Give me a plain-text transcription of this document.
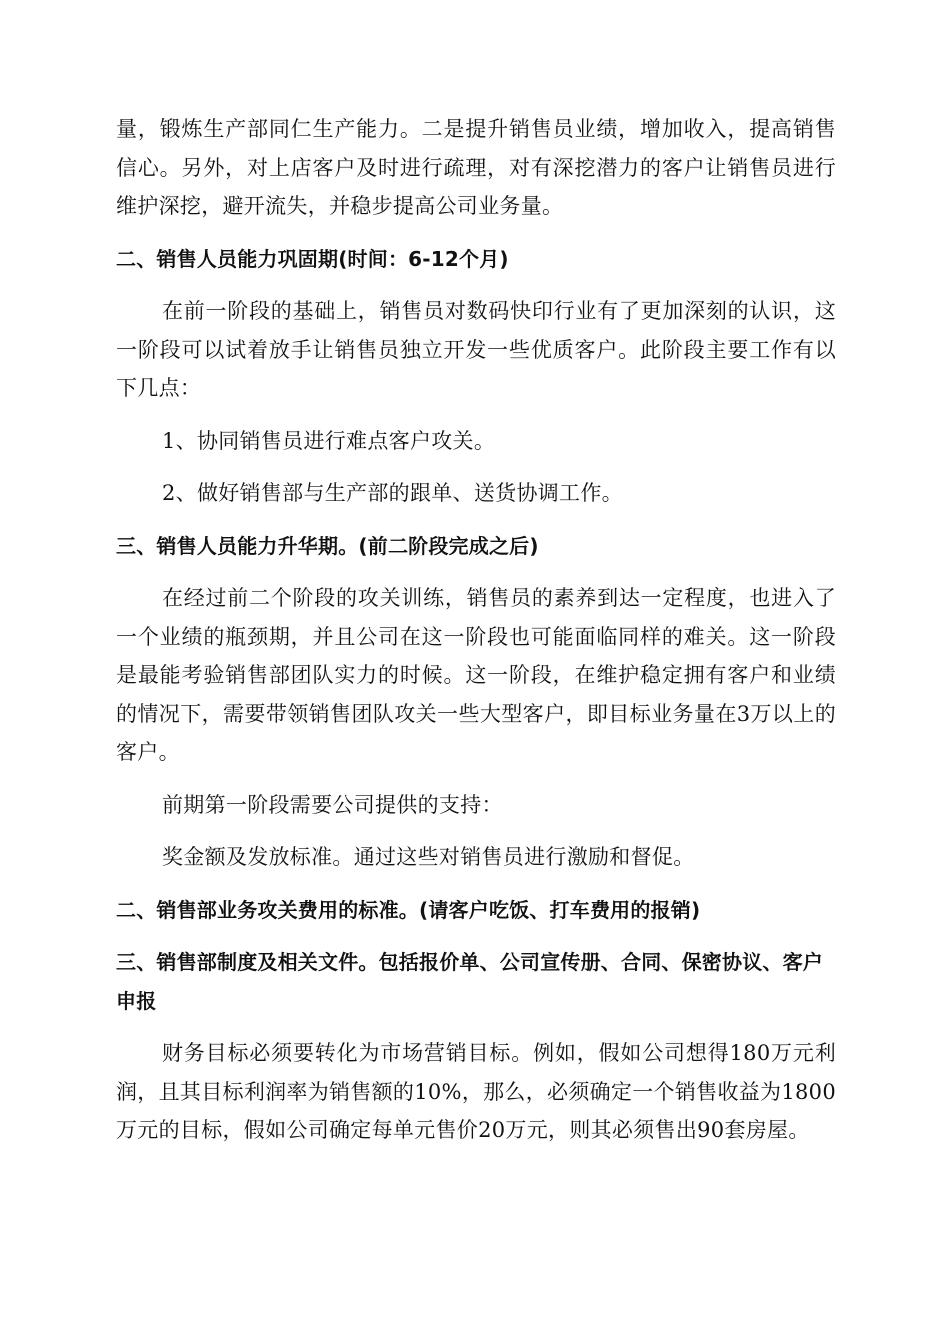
量，锻炼生产部同仁生产能力。二是提升销售员业绩，增加收入，提高销售信心。另外，对上店客户及时进行疏理，对有深挖潜力的客户让销售员进行维护深挖，避开流失，并稳步提高公司业务量。

二、销售人员能力巩固期(时间：6-12个月)

在前一阶段的基础上，销售员对数码快印行业有了更加深刻的认识，这一阶段可以试着放手让销售员独立开发一些优质客户。此阶段主要工作有以下几点：

1、协同销售员进行难点客户攻关。

2、做好销售部与生产部的跟单、送货协调工作。

三、销售人员能力升华期。(前二阶段完成之后)

在经过前二个阶段的攻关训练，销售员的素养到达一定程度，也进入了一个业绩的瓶颈期，并且公司在这一阶段也可能面临同样的难关。这一阶段是最能考验销售部团队实力的时候。这一阶段，在维护稳定拥有客户和业绩的情况下，需要带领销售团队攻关一些大型客户，即目标业务量在3万以上的客户。

前期第一阶段需要公司提供的支持：

奖金额及发放标准。通过这些对销售员进行激励和督促。

二、销售部业务攻关费用的标准。(请客户吃饭、打车费用的报销)

三、销售部制度及相关文件。包括报价单、公司宣传册、合同、保密协议、客户申报

财务目标必须要转化为市场营销目标。例如，假如公司想得180万元利润，且其目标利润率为销售额的10%，那么，必须确定一个销售收益为1800万元的目标，假如公司确定每单元售价20万元，则其必须售出90套房屋。
